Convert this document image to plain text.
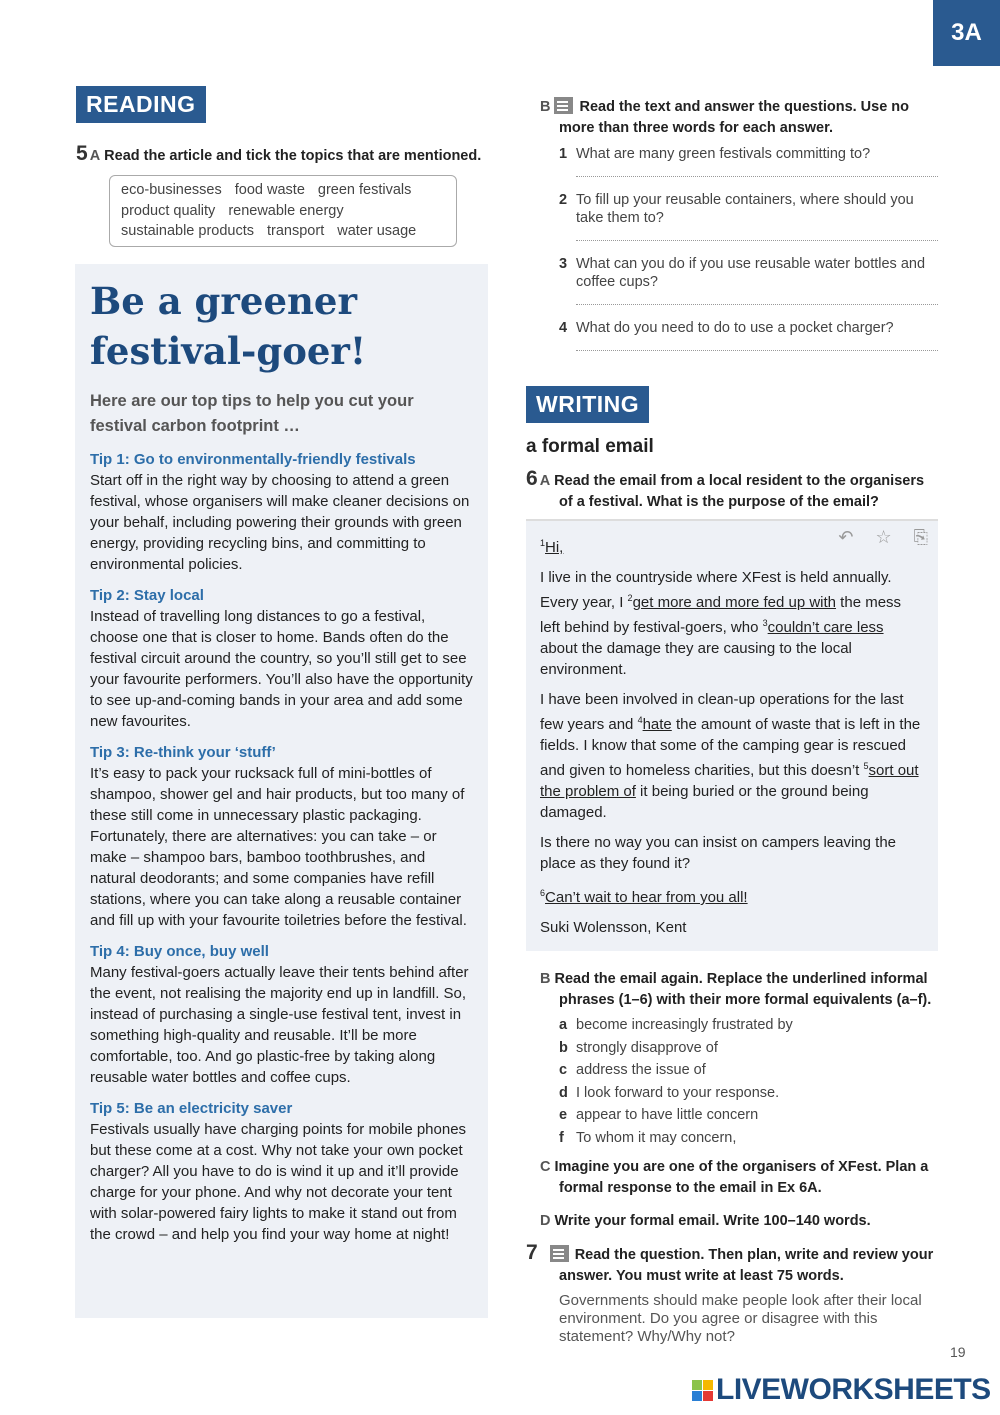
3A
READING
5 A Read the article and tick the topics that are mentioned.
eco-businesses food waste green festivals
product quality renewable energy
sustainable products transport water usage
Be a greener festival-goer!
Here are our top tips to help you cut your festival carbon footprint …
Tip 1: Go to environmentally-friendly festivals

Start off in the right way by choosing to attend a green festival, whose organisers will make cleaner decisions on your behalf, including powering their grounds with green energy, providing recycling bins, and committing to environmental policies.

Tip 2: Stay local

Instead of travelling long distances to go a festival, choose one that is closer to home. Bands often do the festival circuit around the country, so you’ll still get to see your favourite performers. You’ll also have the opportunity to see up-and-coming bands in your area and add some new favourites.

Tip 3: Re-think your ‘stuff’

It’s easy to pack your rucksack full of mini-bottles of shampoo, shower gel and hair products, but too many of these still come in unnecessary plastic packaging. Fortunately, there are alternatives: you can take – or make – shampoo bars, bamboo toothbrushes, and natural deodorants; and some companies have refill stations, where you can take along a reusable container and fill up with your favourite toiletries before the festival.

Tip 4: Buy once, buy well

Many festival-goers actually leave their tents behind after the event, not realising the majority end up in landfill. So, instead of purchasing a single-use festival tent, invest in something high-quality and reusable. It’ll be more comfortable, too. And go plastic-free by taking along reusable water bottles and coffee cups.

Tip 5: Be an electricity saver

Festivals usually have charging points for mobile phones but these come at a cost. Why not take your own pocket charger? All you have to do is wind it up and it’ll provide charge for your phone. And why not decorate your tent with solar-powered fairy lights to make it stand out from the crowd – and help you find your way home at night!

B Read the text and answer the questions. Use no more than three words for each answer.
1 What are many green festivals committing to?
2 To fill up your reusable containers, where should you take them to?
3 What can you do if you use reusable water bottles and coffee cups?
4 What do you need to do to use a pocket charger?
WRITING
a formal email
6 A Read the email from a local resident to the organisers of a festival. What is the purpose of the email?
↶ ☆ ⎘

$^1$Hi,

I live in the countryside where XFest is held annually. Every year, I $^2$get more and more fed up with the mess left behind by festival-goers, who $^3$couldn’t care less about the damage they are causing to the local environment.

I have been involved in clean-up operations for the last few years and $^4$hate the amount of waste that is left in the fields. I know that some of the camping gear is rescued and given to homeless charities, but this doesn’t $^5$sort out the problem of it being buried or the ground being damaged.

Is there no way you can insist on campers leaving the place as they found it?

$^6$Can’t wait to hear from you all!

Suki Wolensson, Kent

B Read the email again. Replace the underlined informal phrases (1–6) with their more formal equivalents (a–f).
a become increasingly frustrated by
b strongly disapprove of
c address the issue of
d I look forward to your response.
e appear to have little concern
f To whom it may concern,
C Imagine you are one of the organisers of XFest. Plan a formal response to the email in Ex 6A.
D Write your formal email. Write 100–140 words.
7	Read the question. Then plan, write and review your answer. You must write at least 75 words.
Governments should make people look after their local environment. Do you agree or disagree with this statement? Why/Why not?
19
LIVEWORKSHEETS
